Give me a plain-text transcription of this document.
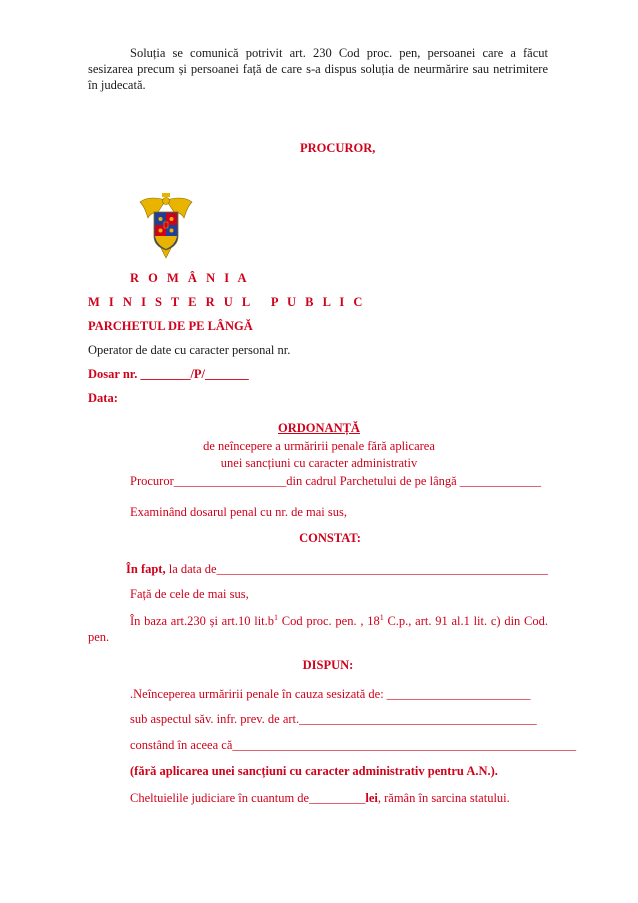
Soluția se comunică potrivit art. 230 Cod proc. pen, persoanei care a făcut sesizarea precum și persoanei față de care s-a dispus soluția de neurmărire sau netrimitere în judecată.

PROCUROR,

R O M Â N I A

M I N I S T E R U L   P U B L I C

PARCHETUL DE PE LÂNGĂ

Operator de date cu caracter personal nr.

Dosar nr. ________/P/_______

Data:

ORDONANȚĂ

de neîncepere a urmăririi penale fără aplicarea

unei sancțiuni cu caracter administrativ

Procuror__________________din cadrul Parchetului de pe lângă _____________

Examinând dosarul penal cu nr. de mai sus,

CONSTAT:

În fapt, la data de_____________________________________________________

Față de cele de mai sus,

În baza art.230 și art.10 $lit.b^1$ Cod proc. pen. , $18^1$ C.p., art. 91 al.1 lit. c) din Cod. pen.

DISPUN:

.Neînceperea urmăririi penale în cauza sesizată de: _______________________

sub aspectul săv. infr. prev. de art.______________________________________

constând în aceea că_______________________________________________________

(fără aplicarea unei sancțiuni cu caracter administrativ pentru A.N.).

Cheltuielile judiciare în cuantum de_________lei, rămân în sarcina statului.
